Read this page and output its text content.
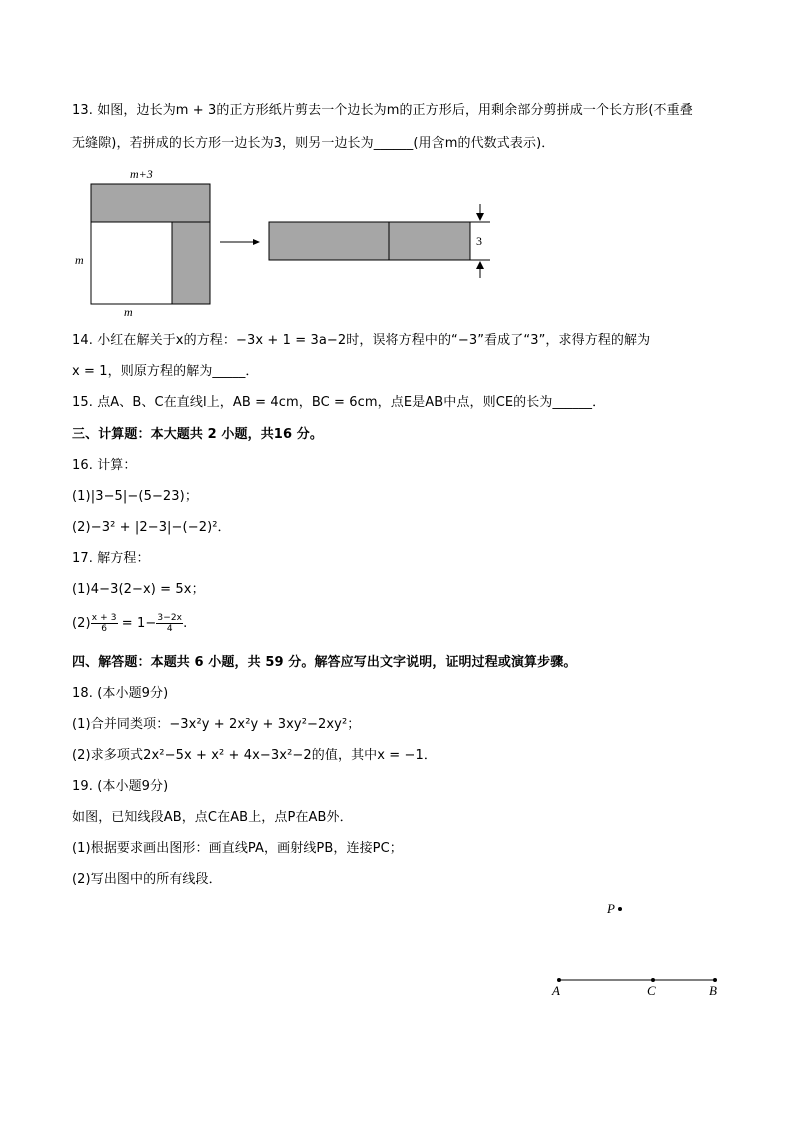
13. 如图，边长为m + 3的正方形纸片剪去一个边长为m的正方形后，用剩余部分剪拼成一个长方形(不重叠
无缝隙)，若拼成的长方形一边长为3，则另一边长为______(用含m的代数式表示)．
m+3
m
m
3
14. 小红在解关于x的方程：−3x + 1 = 3a−2时，误将方程中的“−3”看成了“3”，求得方程的解为
x = 1，则原方程的解为_____．
15. 点A、B、C在直线l上，AB = 4cm，BC = 6cm，点E是AB中点，则CE的长为______．
三、计算题：本大题共 2 小题，共16 分。
16. 计算：
(1)|3−5|−(5−23)；
(2)−3² + |2−3|−(−2)²．
17. 解方程：
(1)4−3(2−x) = 5x；
$(2) \frac{x + 3}{6} = 1- \frac{3-2x}{4}$ .
四、解答题：本题共 6 小题，共 59 分。解答应写出文字说明，证明过程或演算步骤。
18. (本小题9分)
(1)合并同类项：−3x²y + 2x²y + 3xy²−2xy²；
(2)求多项式2x²−5x + x² + 4x−3x²−2的值，其中x = −1．
19. (本小题9分)
如图，已知线段AB，点C在AB上，点P在AB外．
(1)根据要求画出图形：画直线PA，画射线PB，连接PC；
(2)写出图中的所有线段．
P
A	C	B
